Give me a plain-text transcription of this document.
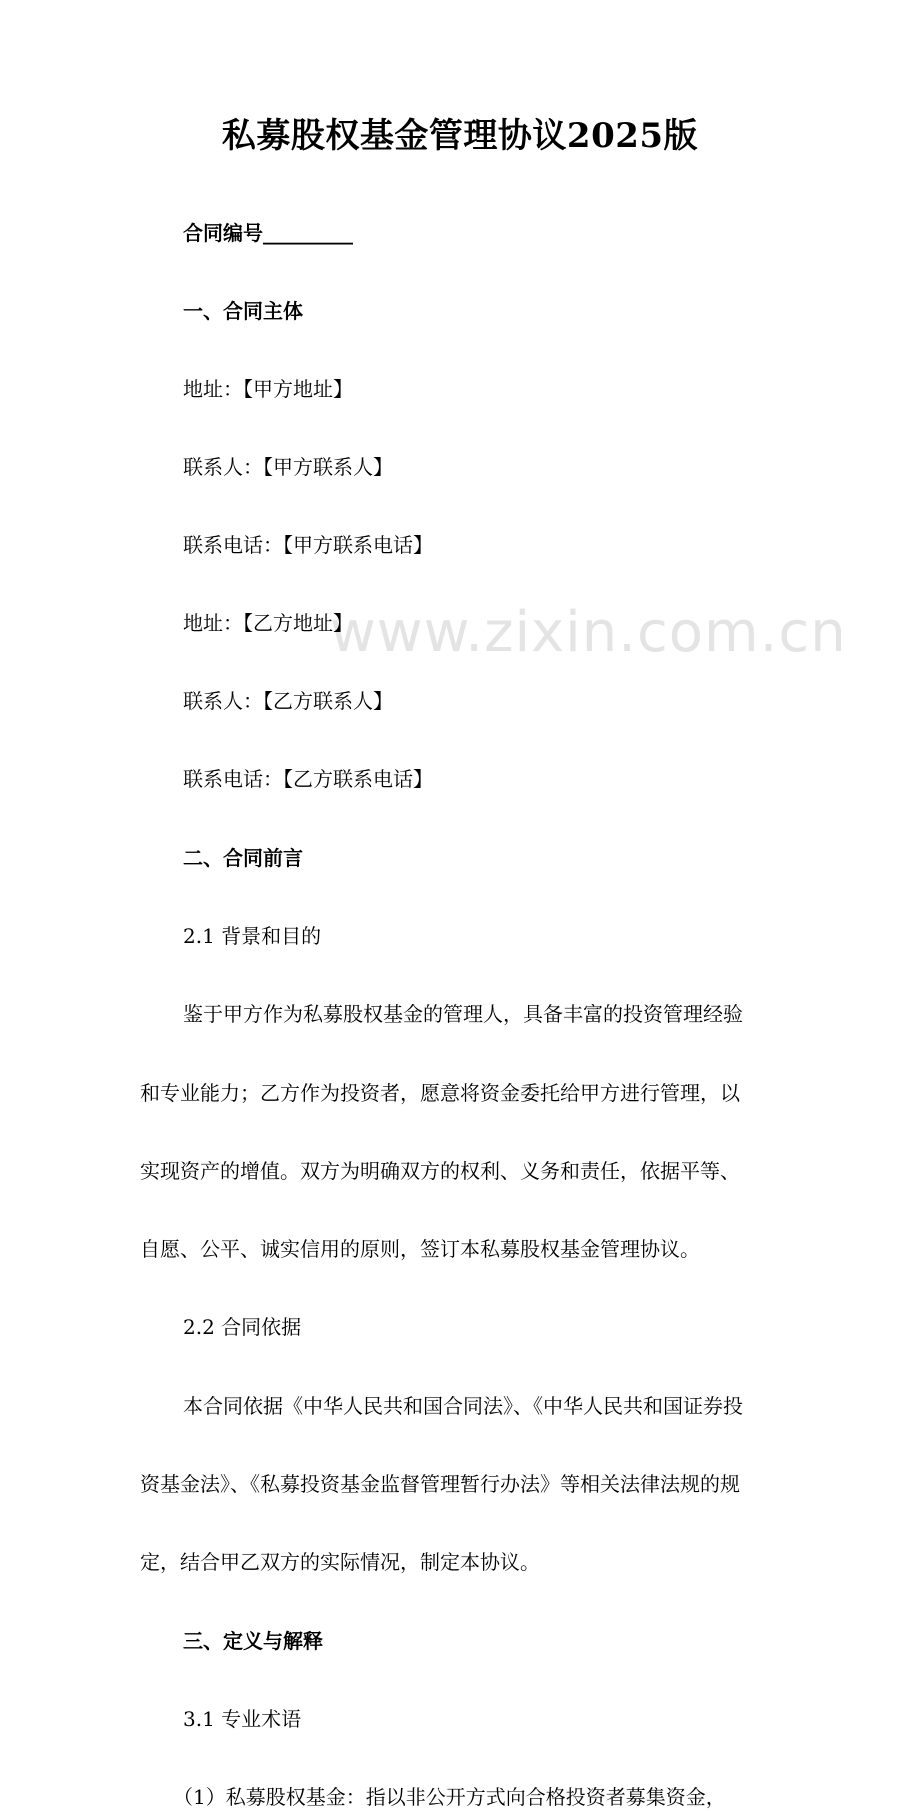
www.zixin.com.cn
私募股权基金管理协议2025版
合同编号_________
一、合同主体
地址：【甲方地址】
联系人：【甲方联系人】
联系电话：【甲方联系电话】
地址：【乙方地址】
联系人：【乙方联系人】
联系电话：【乙方联系电话】
二、合同前言
2.1 背景和目的
鉴于甲方作为私募股权基金的管理人，具备丰富的投资管理经验
和专业能力；乙方作为投资者，愿意将资金委托给甲方进行管理，以
实现资产的增值。双方为明确双方的权利、义务和责任，依据平等、
自愿、公平、诚实信用的原则，签订本私募股权基金管理协议。
2.2 合同依据
本合同依据《中华人民共和国合同法》、《中华人民共和国证券投
资基金法》、《私募投资基金监督管理暂行办法》等相关法律法规的规
定，结合甲乙双方的实际情况，制定本协议。
三、定义与解释
3.1 专业术语
（1）私募股权基金：指以非公开方式向合格投资者募集资金，
